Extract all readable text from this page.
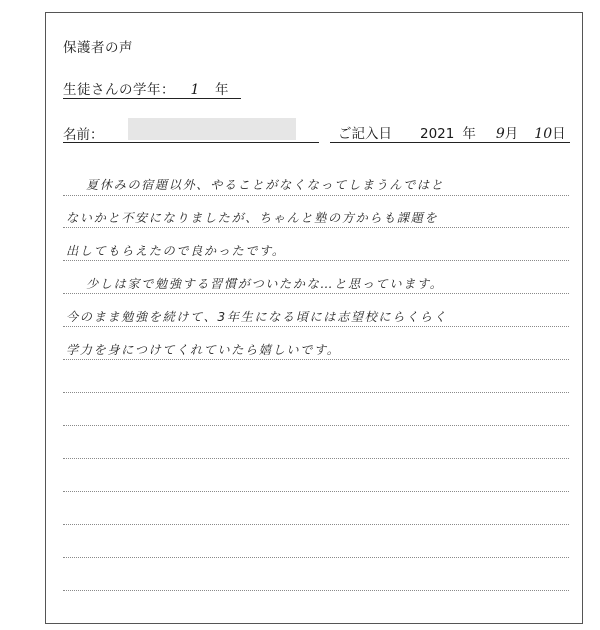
保護者の声
生徒さんの学年： 1 年
名前：	ご記入日 2021 年 9月 10日
夏休みの宿題以外、やることがなくなってしまうんではと
ないかと不安になりましたが、ちゃんと塾の方からも課題を
出してもらえたので良かったです。
少しは家で勉強する習慣がついたかな…と思っています。
今のまま勉強を続けて、3年生になる頃には志望校にらくらく
学力を身につけてくれていたら嬉しいです。
